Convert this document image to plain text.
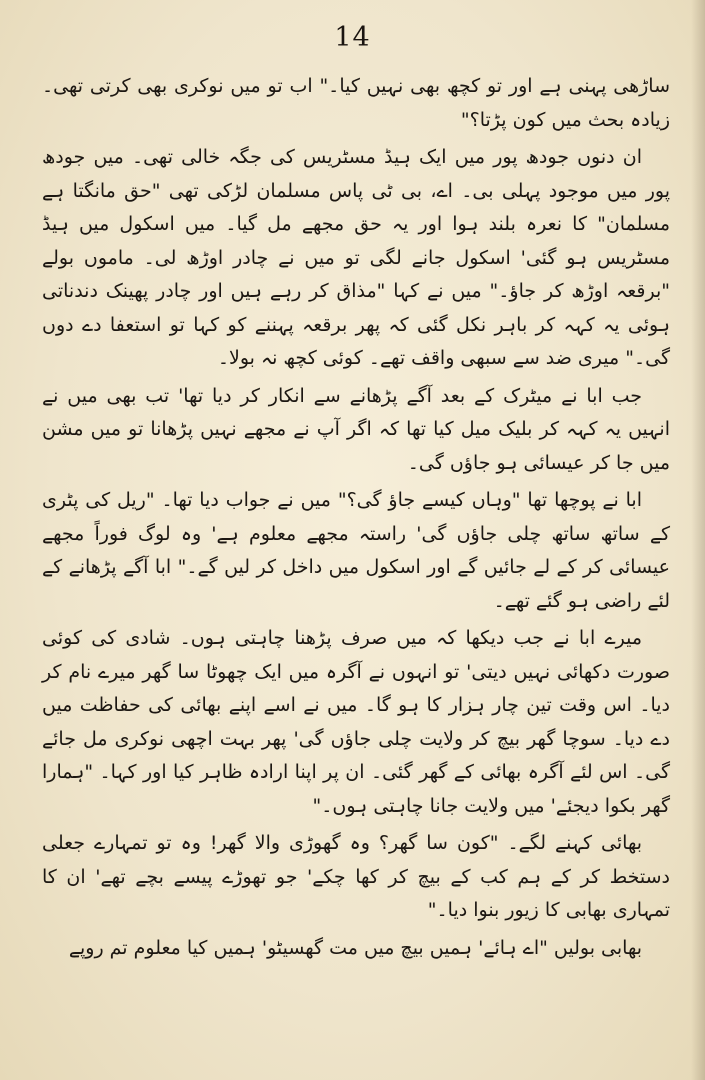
14

ساڑھی پہنی ہے اور تو کچھ بھی نہیں کیا۔" اب تو میں نوکری بھی کرتی تھی۔ زیادہ بحث میں کون پڑتا؟"

ان دنوں جودھ پور میں ایک ہیڈ مسٹریس کی جگہ خالی تھی۔ میں جودھ پور میں موجود پہلی بی۔ اے، بی ٹی پاس مسلمان لڑکی تھی "حق مانگتا ہے مسلمان" کا نعرہ بلند ہوا اور یہ حق مجھے مل گیا۔ میں اسکول میں ہیڈ مسٹریس ہو گئی' اسکول جانے لگی تو میں نے چادر اوڑھ لی۔ ماموں بولے "برقعہ اوڑھ کر جاؤ۔" میں نے کہا "مذاق کر رہے ہیں اور چادر پھینک دندناتی ہوئی یہ کہہ کر باہر نکل گئی کہ پھر برقعہ پہننے کو کہا تو استعفا دے دوں گی۔" میری ضد سے سبھی واقف تھے۔ کوئی کچھ نہ بولا۔

جب ابا نے میٹرک کے بعد آگے پڑھانے سے انکار کر دیا تھا' تب بھی میں نے انہیں یہ کہہ کر بلیک میل کیا تھا کہ اگر آپ نے مجھے نہیں پڑھانا تو میں مشن میں جا کر عیسائی ہو جاؤں گی۔

ابا نے پوچھا تھا "وہاں کیسے جاؤ گی؟" میں نے جواب دیا تھا۔ "ریل کی پٹری کے ساتھ ساتھ چلی جاؤں گی' راستہ مجھے معلوم ہے' وہ لوگ فوراً مجھے عیسائی کر کے لے جائیں گے اور اسکول میں داخل کر لیں گے۔" ابا آگے پڑھانے کے لئے راضی ہو گئے تھے۔

میرے ابا نے جب دیکھا کہ میں صرف پڑھنا چاہتی ہوں۔ شادی کی کوئی صورت دکھائی نہیں دیتی' تو انہوں نے آگرہ میں ایک چھوٹا سا گھر میرے نام کر دیا۔ اس وقت تین چار ہزار کا ہو گا۔ میں نے اسے اپنے بھائی کی حفاظت میں دے دیا۔ سوچا گھر بیچ کر ولایت چلی جاؤں گی' پھر بہت اچھی نوکری مل جائے گی۔ اس لئے آگرہ بھائی کے گھر گئی۔ ان پر اپنا ارادہ ظاہر کیا اور کہا۔ "ہمارا گھر بکوا دیجئے' میں ولایت جانا چاہتی ہوں۔"

بھائی کہنے لگے۔ "کون سا گھر؟ وہ گھوڑی والا گھر! وہ تو تمہارے جعلی دستخط کر کے ہم کب کے بیچ کر کھا چکے' جو تھوڑے پیسے بچے تھے' ان کا تمہاری بھابی کا زیور بنوا دیا۔"

بھابی بولیں "اے ہائے' ہمیں بیچ میں مت گھسیٹو' ہمیں کیا معلوم تم روپے
